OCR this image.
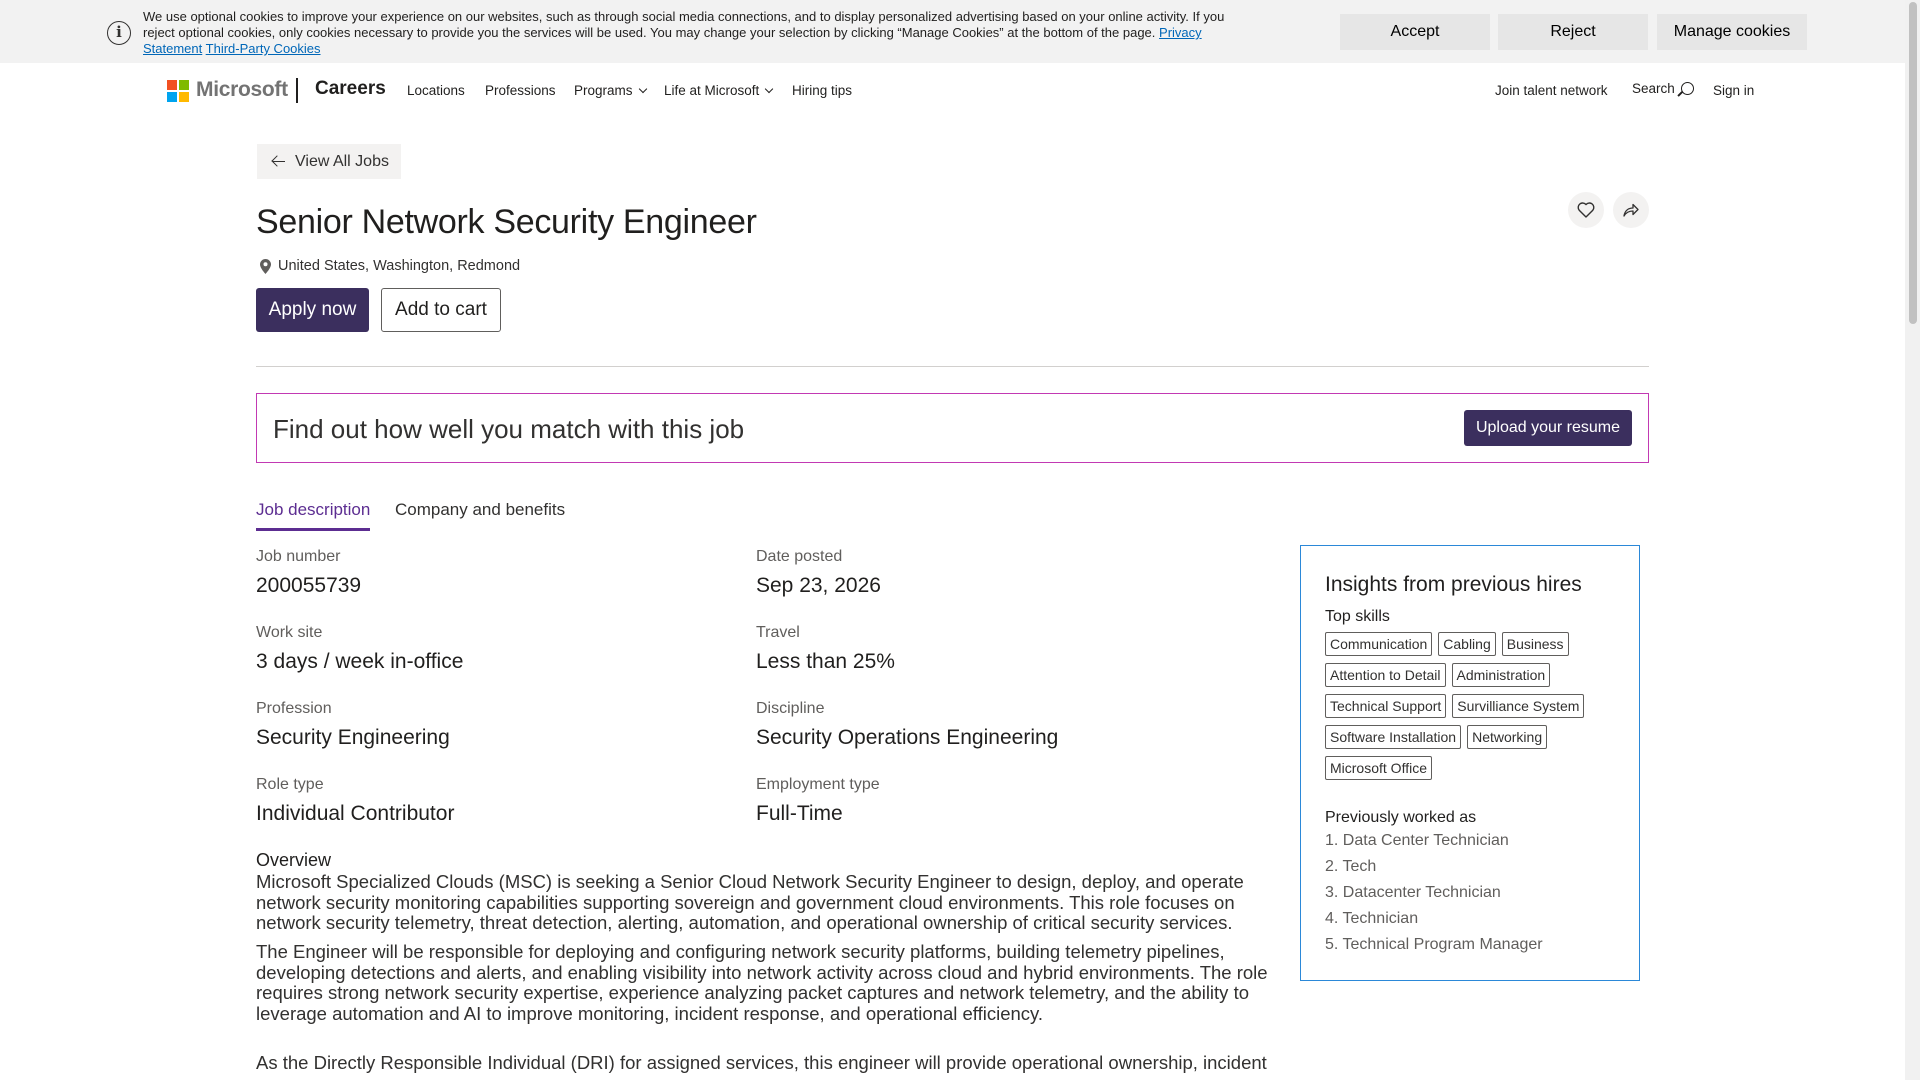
i
We use optional cookies to improve your experience on our websites, such as through social media connections, and to display personalized advertising based on your online activity. If you reject optional cookies, only cookies necessary to provide you the services will be used. You may change your selection by clicking “Manage Cookies” at the bottom of the page. Privacy Statement Third-Party Cookies
Accept	Reject	Manage cookies
Microsoft Careers Locations Professions Programs Life at Microsoft Hiring tips	Join talent network Search	Sign in
View All Jobs
Senior Network Security Engineer
United States, Washington, Redmond
Apply now	Add to cart
Find out how well you match with this job	Upload your resume
Job description Company and benefits
Job number
200055739
Date posted
Sep 23, 2026
Work site
3 days / week in-office
Travel
Less than 25%
Profession
Security Engineering
Discipline
Security Operations Engineering
Role type
Individual Contributor
Employment type
Full-Time
Overview

Microsoft Specialized Clouds (MSC) is seeking a Senior Cloud Network Security Engineer to design, deploy, and operate network security monitoring capabilities supporting sovereign and government cloud environments. This role focuses on network security telemetry, threat detection, alerting, automation, and operational ownership of critical security services.

The Engineer will be responsible for deploying and configuring network security platforms, building telemetry pipelines, developing detections and alerts, and enabling visibility into network activity across cloud and hybrid environments. The role requires strong network security expertise, experience analyzing packet captures and network telemetry, and the ability to leverage automation and AI to improve monitoring, incident response, and operational efficiency.

As the Directly Responsible Individual (DRI) for assigned services, this engineer will provide operational ownership, incident

Insights from previous hires
Top skills
Communication	Cabling	Business
Attention to Detail	Administration
Technical Support	Survilliance System
Software Installation	Networking
Microsoft Office
Previously worked as
1. Data Center Technician
2. Tech
3. Datacenter Technician
4. Technician
5. Technical Program Manager
